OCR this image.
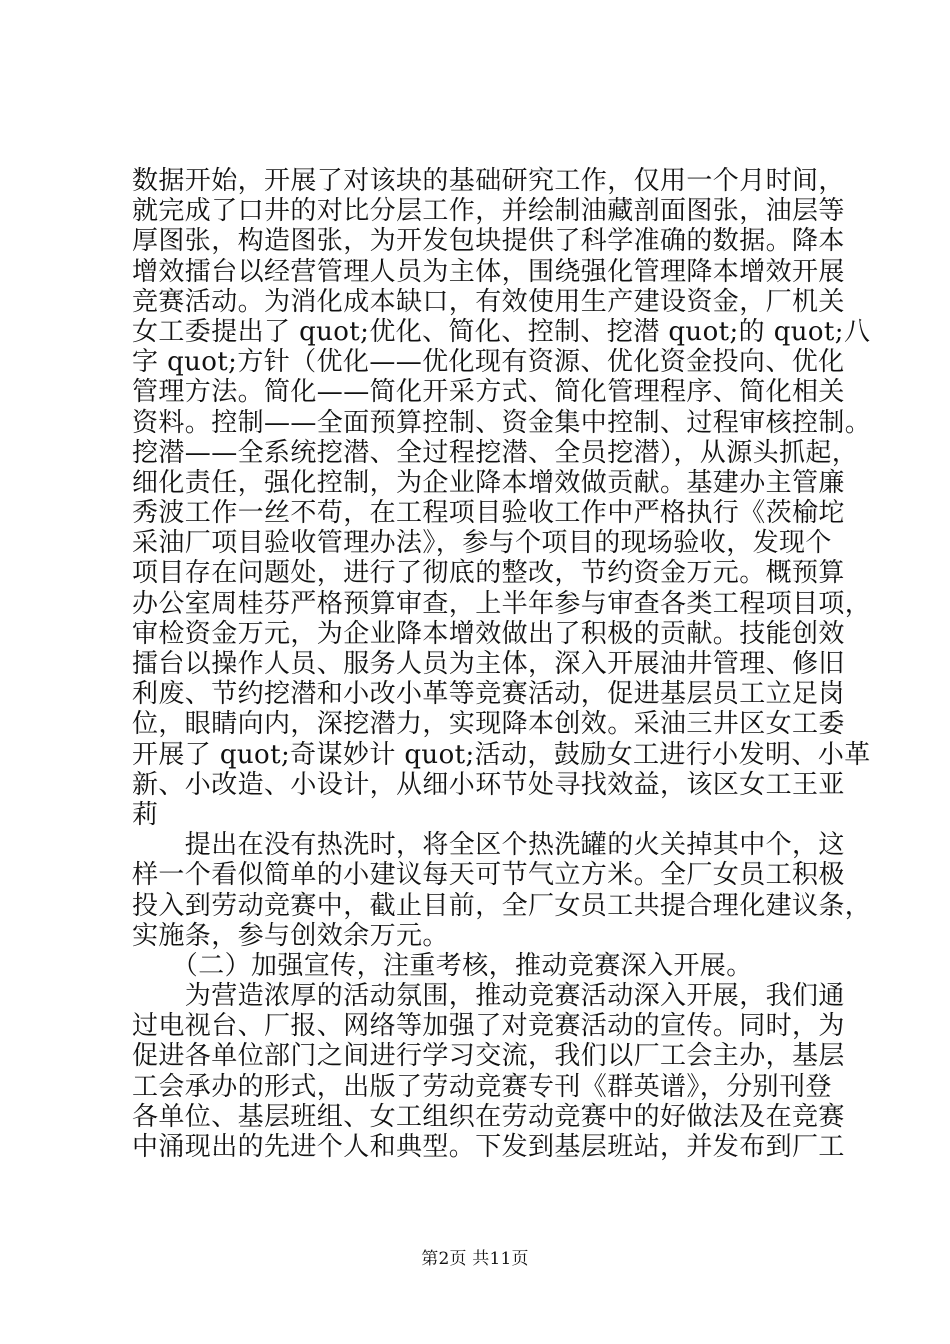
数据开始，开展了对该块的基础研究工作，仅用一个月时间，
就完成了口井的对比分层工作，并绘制油藏剖面图张，油层等
厚图张，构造图张，为开发包块提供了科学准确的数据。降本
增效擂台以经营管理人员为主体，围绕强化管理降本增效开展
竞赛活动。为消化成本缺口，有效使用生产建设资金，厂机关
女工委提出了 quot;优化、简化、控制、挖潜 quot;的 quot;八
字 quot;方针（优化——优化现有资源、优化资金投向、优化
管理方法。简化——简化开采方式、简化管理程序、简化相关
资料。控制——全面预算控制、资金集中控制、过程审核控制。
挖潜——全系统挖潜、全过程挖潜、全员挖潜），从源头抓起，
细化责任，强化控制，为企业降本增效做贡献。基建办主管廉
秀波工作一丝不苟，在工程项目验收工作中严格执行《茨榆坨
采油厂项目验收管理办法》，参与个项目的现场验收，发现个
项目存在问题处，进行了彻底的整改，节约资金万元。概预算
办公室周桂芬严格预算审查，上半年参与审查各类工程项目项，
审检资金万元，为企业降本增效做出了积极的贡献。技能创效
擂台以操作人员、服务人员为主体，深入开展油井管理、修旧
利废、节约挖潜和小改小革等竞赛活动，促进基层员工立足岗
位，眼睛向内，深挖潜力，实现降本创效。采油三井区女工委
开展了 quot;奇谋妙计 quot;活动，鼓励女工进行小发明、小革
新、小改造、小设计，从细小环节处寻找效益，该区女工王亚
莉
　　提出在没有热洗时，将全区个热洗罐的火关掉其中个，这
样一个看似简单的小建议每天可节气立方米。全厂女员工积极
投入到劳动竞赛中，截止目前，全厂女员工共提合理化建议条，
实施条，参与创效余万元。
　　（二）加强宣传，注重考核，推动竞赛深入开展。
　　为营造浓厚的活动氛围，推动竞赛活动深入开展，我们通
过电视台、厂报、网络等加强了对竞赛活动的宣传。同时，为
促进各单位部门之间进行学习交流，我们以厂工会主办，基层
工会承办的形式，出版了劳动竞赛专刊《群英谱》，分别刊登
各单位、基层班组、女工组织在劳动竞赛中的好做法及在竞赛
中涌现出的先进个人和典型。下发到基层班站，并发布到厂工
第2页 共11页
